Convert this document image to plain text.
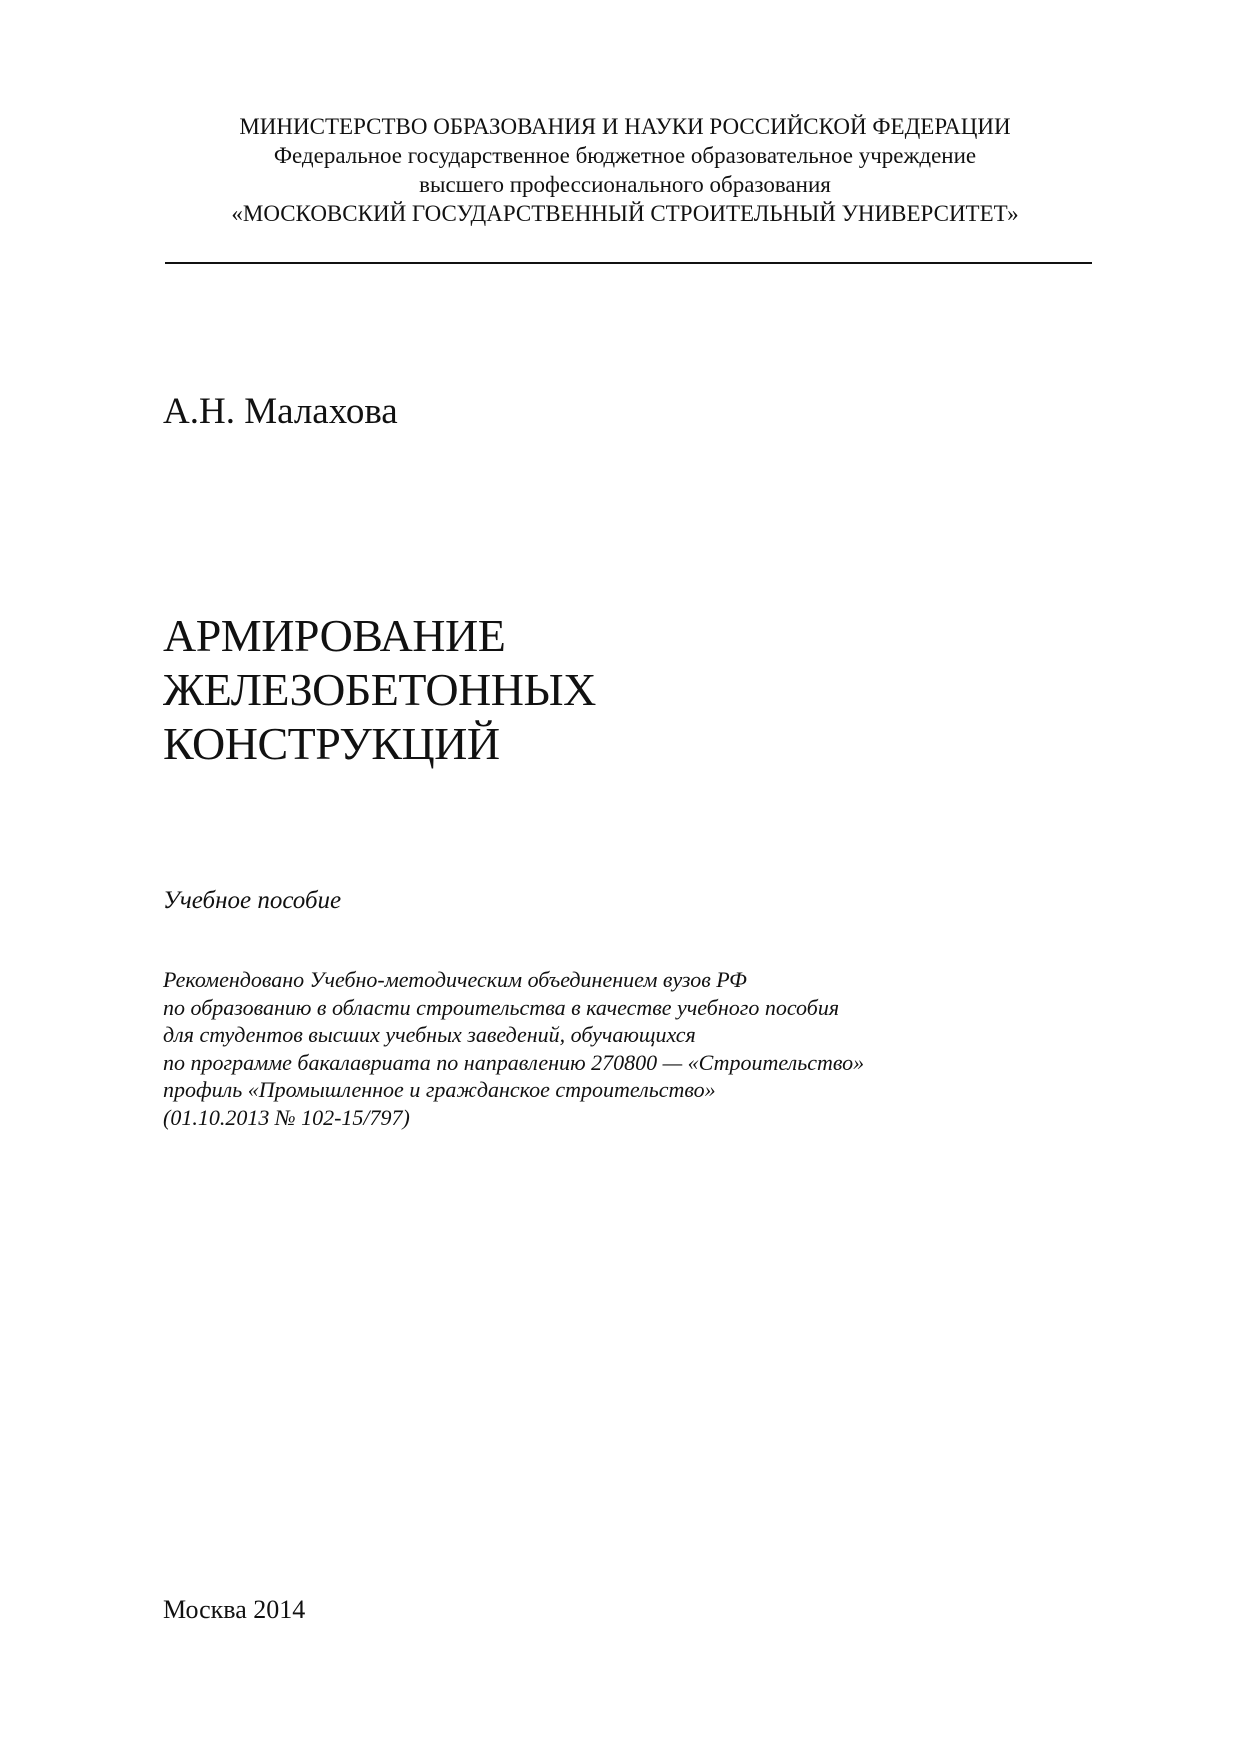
МИНИСТЕРСТВО ОБРАЗОВАНИЯ И НАУКИ РОССИЙСКОЙ ФЕДЕРАЦИИ
Федеральное государственное бюджетное образовательное учреждение
высшего профессионального образования
«МОСКОВСКИЙ ГОСУДАРСТВЕННЫЙ СТРОИТЕЛЬНЫЙ УНИВЕРСИТЕТ»
А.Н. Малахова
АРМИРОВАНИЕ
ЖЕЛЕЗОБЕТОННЫХ
КОНСТРУКЦИЙ
Учебное пособие
Рекомендовано Учебно-методическим объединением вузов РФ
по образованию в области строительства в качестве учебного пособия
для студентов высших учебных заведений, обучающихся
по программе бакалавриата по направлению 270800 — «Строительство»
профиль «Промышленное и гражданское строительство»
(01.10.2013 № 102-15/797)
Москва 2014
